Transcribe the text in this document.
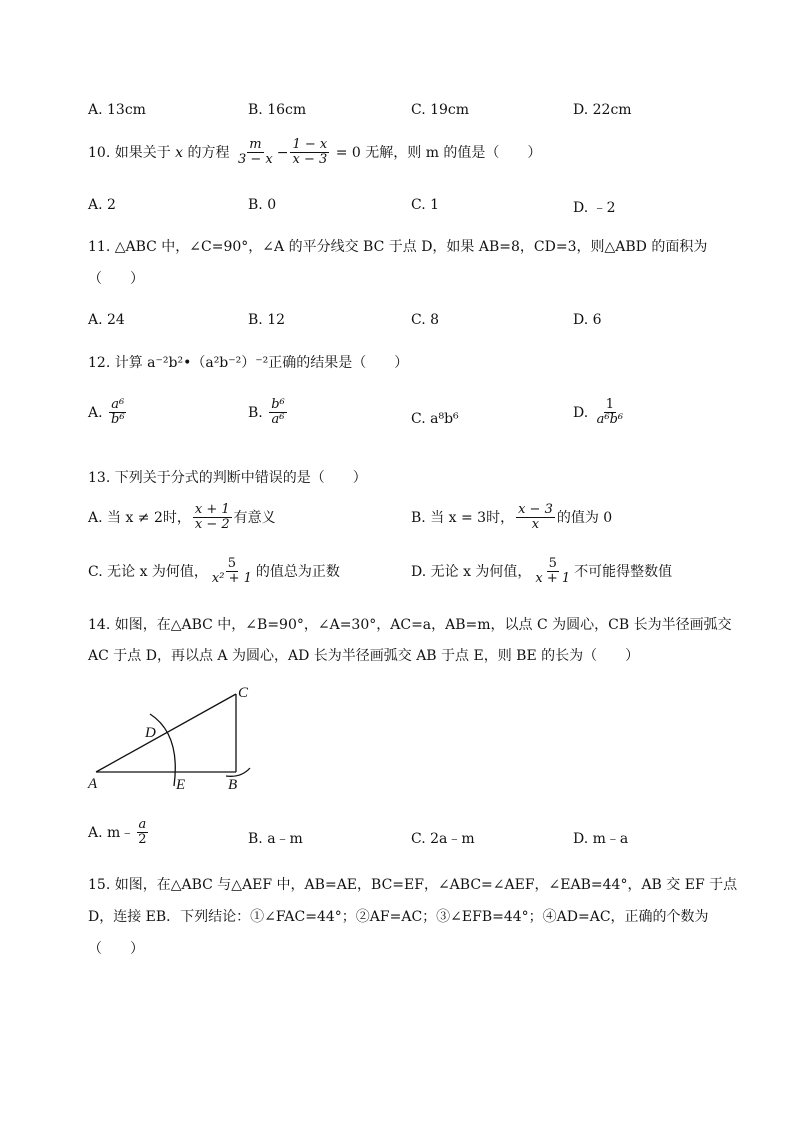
A. 13cm	B. 16cm	C. 19cm	D. 22cm
10. 如果关于 x 的方程 $\frac{m}{3 - x} - \frac{1 - x}{x - 3} = 0$ 无解，则 m 的值是（　　）
A. 2	B. 0	C. 1	D. ﹣2
11. △ABC 中，∠C=90°，∠A 的平分线交 BC 于点 D，如果 AB=8，CD=3，则△ABD 的面积为
（　　）
A. 24	B. 12	C. 8	D. 6
12. 计算 a⁻²b²•（a²b⁻²）⁻²正确的结果是（　　）
A. $\frac{\text{a⁶}}{\text{b⁶}}$	B. $\frac{\text{b⁶}}{\text{a⁶}}$	C. a⁸b⁶	D. $\frac{1}{\text{a⁶b⁶}}$
13. 下列关于分式的判断中错误的是（　　）
A. 当 x ≠ 2时， $\frac{x + 1}{x - 2}$ 有意义	B. 当 x = 3时， $\frac{x - 3}{x}$ 的值为 0
C. 无论 x 为何值， $\frac{5}{\text{x² + 1}}$ 的值总为正数	D. 无论 x 为何值， $\frac{5}{x + 1}$ 不可能得整数值
14. 如图，在△ABC 中，∠B=90°，∠A=30°，AC=a，AB=m，以点 C 为圆心，CB 长为半径画弧交
AC 于点 D，再以点 A 为圆心，AD 长为半径画弧交 AB 于点 E，则 BE 的长为（　　）
C
D
A	E	B
A. m﹣ $\frac{a}{2}$	B. a﹣m	C. 2a﹣m	D. m﹣a
15. 如图，在△ABC 与△AEF 中，AB=AE，BC=EF，∠ABC=∠AEF，∠EAB=44°，AB 交 EF 于点
D，连接 EB．下列结论：①∠FAC=44°；②AF=AC；③∠EFB=44°；④AD=AC，正确的个数为
（　　）
